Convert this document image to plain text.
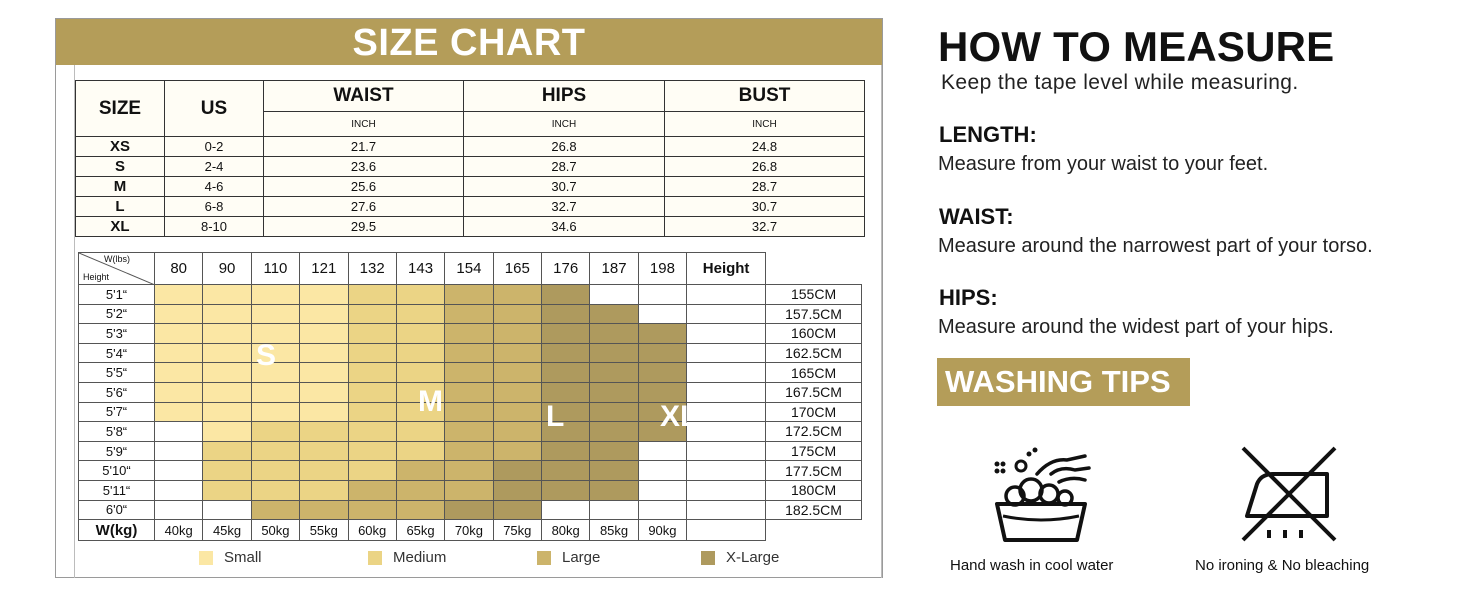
SIZE CHART
SIZE	US	WAIST	HIPS	BUST
		INCH	INCH	INCH
XS	0-2	21.7	26.8	24.8
S	2-4	23.6	28.7	26.8
M	4-6	25.6	30.7	28.7
L	6-8	27.6	32.7	30.7
XL	8-10	29.5	34.6	32.7
W(lbs)
Height	80	90	110	121	132	143	154	165	176	187	198	Height	
5'1“													155CM
5'2“													157.5CM
5'3“													160CM
5'4“													162.5CM
5'5“													165CM
5'6“													167.5CM
5'7“													170CM
5'8“													172.5CM
5'9“													175CM
5'10“													177.5CM
5'11“													180CM
6'0“													182.5CM
W(kg)	40kg	45kg	50kg	55kg	60kg	65kg	70kg	75kg	80kg	85kg	90kg		
S
M	L	XL
Small	Medium	Large	X-Large
HOW TO MEASURE
Keep the tape level while measuring.
LENGTH:
Measure from your waist to your feet.
WAIST:
Measure around the narrowest part of your torso.
HIPS:
Measure around the widest part of your hips.
WASHING TIPS
Hand wash in cool water	No ironing & No bleaching
